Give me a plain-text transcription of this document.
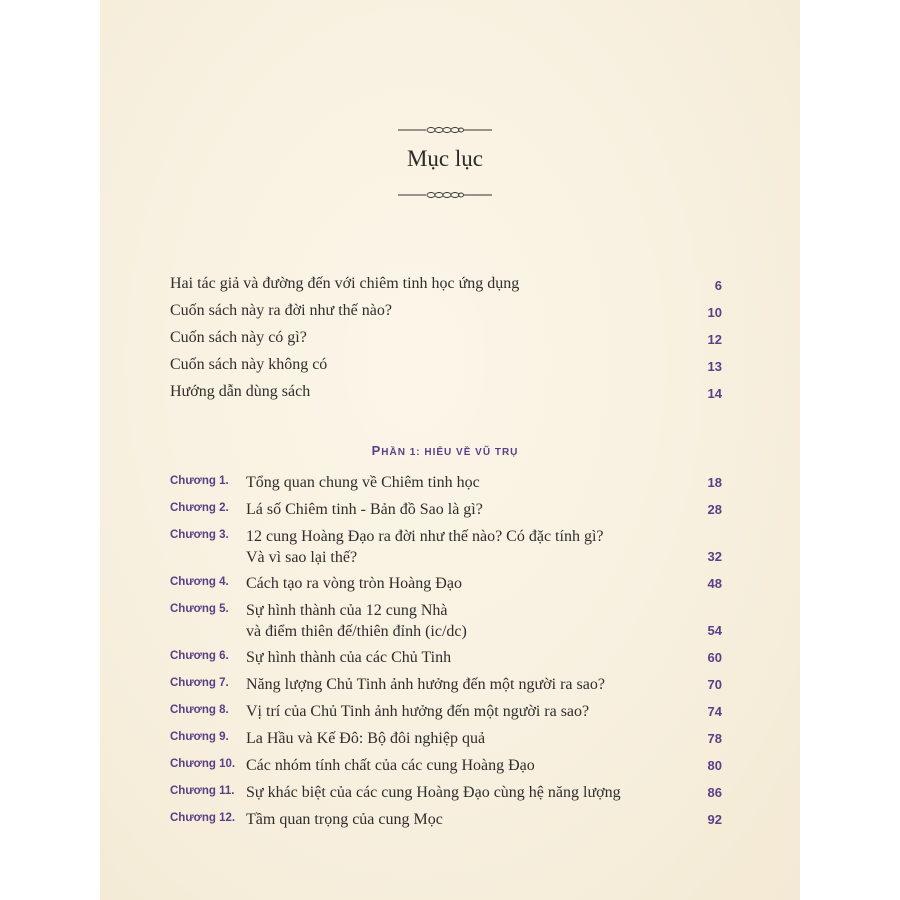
Mục lục
Hai tác giả và đường đến với chiêm tinh học ứng dụng	6
Cuốn sách này ra đời như thế nào?	10
Cuốn sách này có gì?	12
Cuốn sách này không có	13
Hướng dẫn dùng sách	14
PHẦN 1: HIỂU VỀ VŨ TRỤ
Chương 1. Tổng quan chung về Chiêm tinh học	18
Chương 2. Lá số Chiêm tinh - Bản đồ Sao là gì?	28
Chương 3. 12 cung Hoàng Đạo ra đời như thế nào? Có đặc tính gì?
Và vì sao lại thế?	32
Chương 4. Cách tạo ra vòng tròn Hoàng Đạo	48
Chương 5. Sự hình thành của 12 cung Nhà
và điểm thiên đế/thiên đỉnh (ic/dc)	54
Chương 6. Sự hình thành của các Chủ Tinh	60
Chương 7. Năng lượng Chủ Tinh ảnh hưởng đến một người ra sao?	70
Chương 8. Vị trí của Chủ Tinh ảnh hưởng đến một người ra sao?	74
Chương 9. La Hầu và Kế Đô: Bộ đôi nghiệp quả	78
Chương 10. Các nhóm tính chất của các cung Hoàng Đạo	80
Chương 11. Sự khác biệt của các cung Hoàng Đạo cùng hệ năng lượng	86
Chương 12. Tầm quan trọng của cung Mọc	92
